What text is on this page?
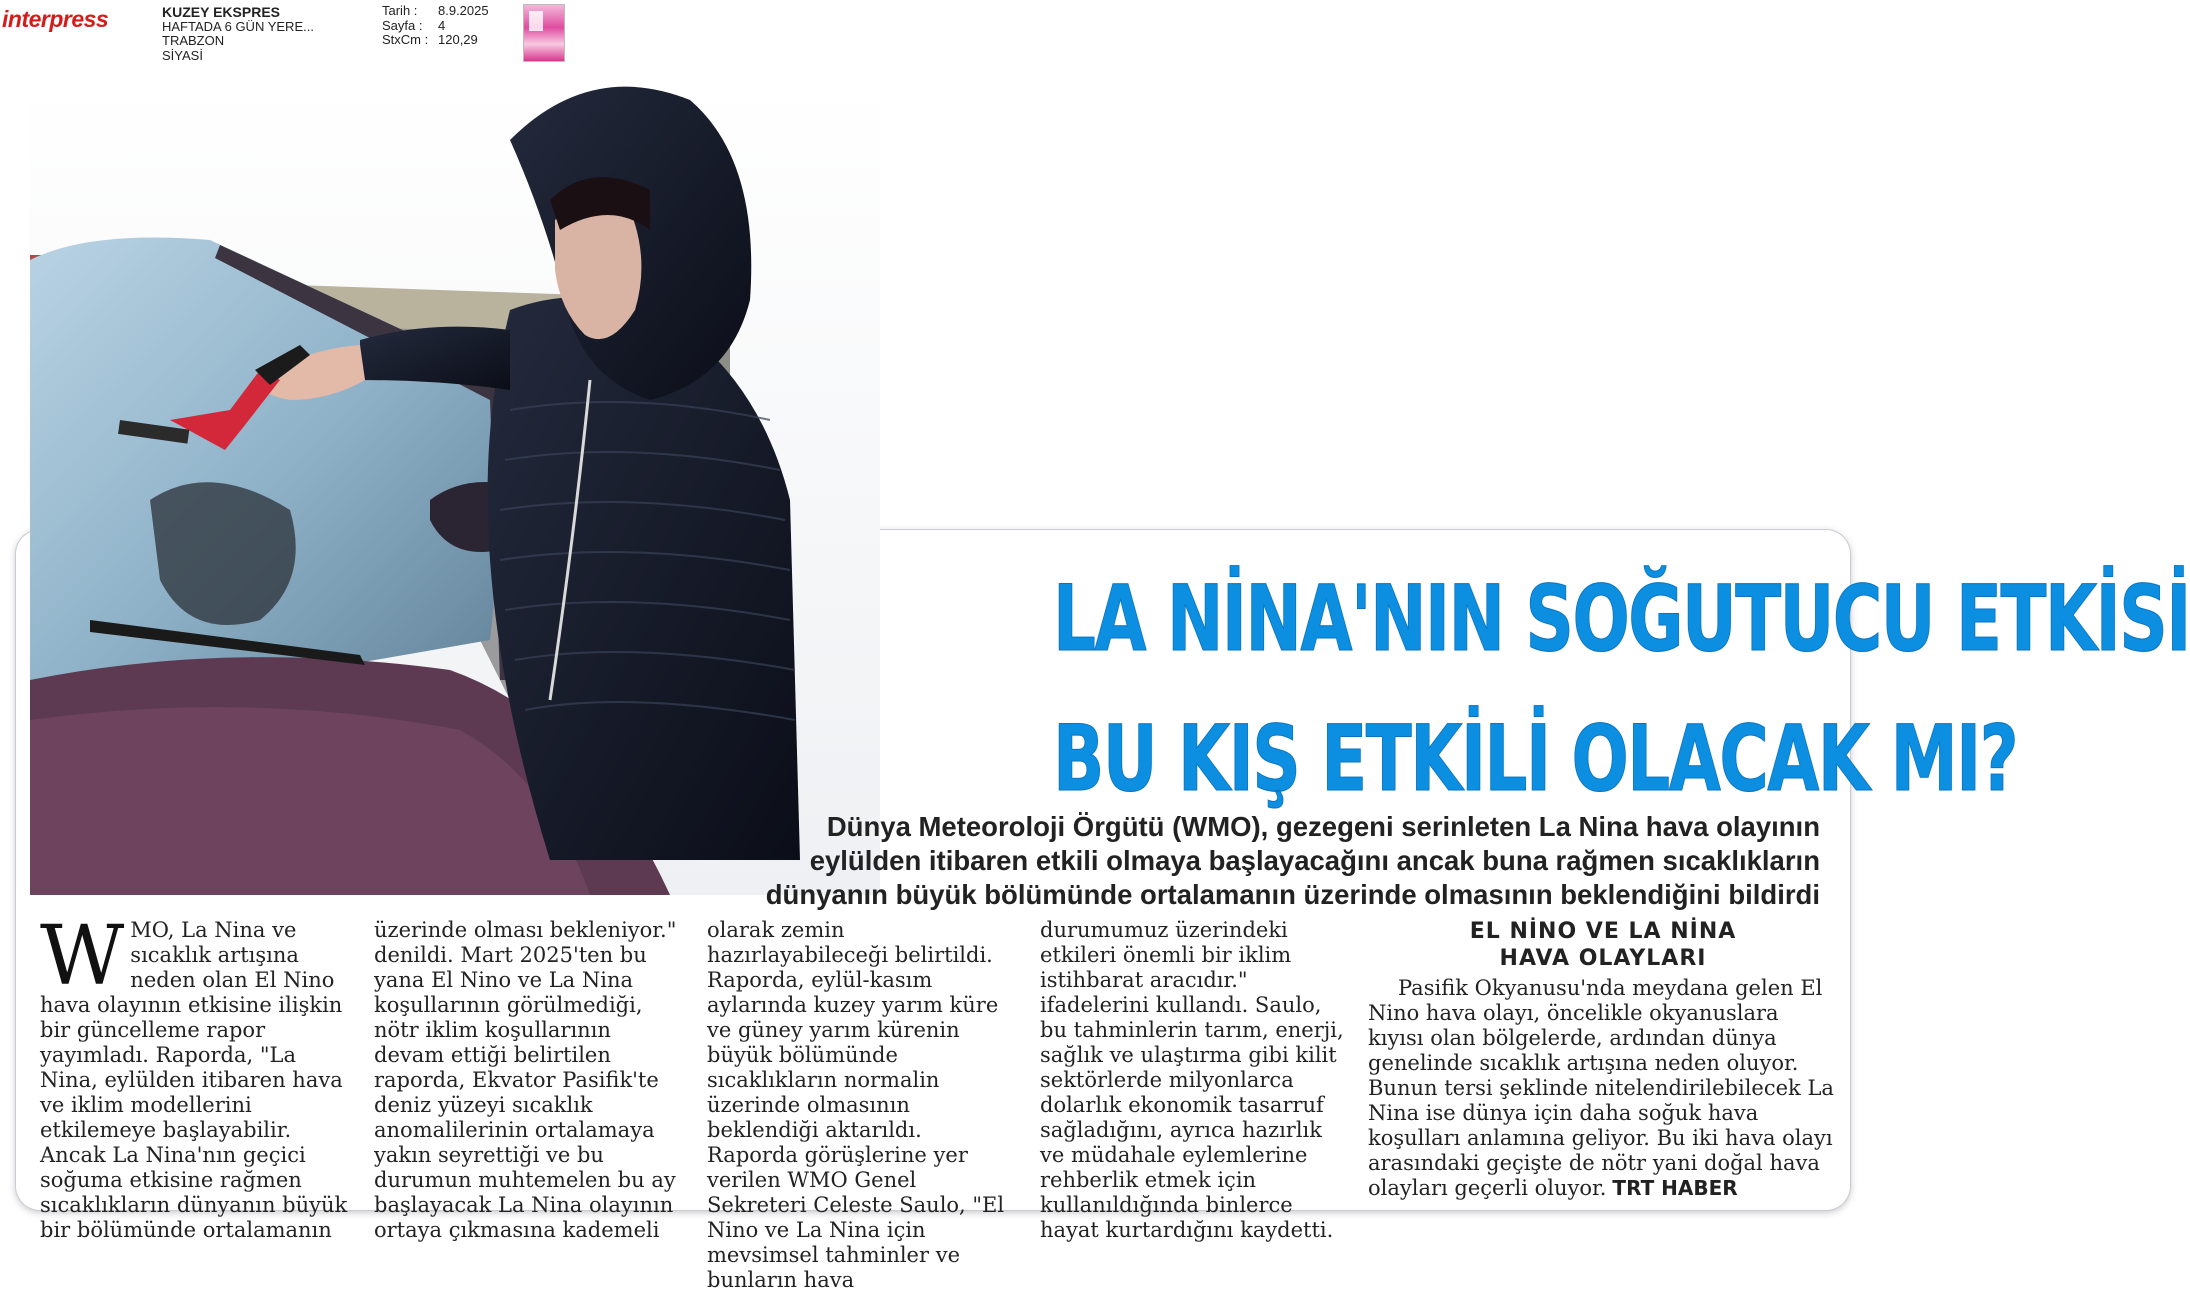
interpress	KUZEY EKSPRES
HAFTADA 6 GÜN YERE...
TRABZON
SİYASİ
Tarih :	8.9.2025
Sayfa :	4
StxCm : 120,29
LA NİNA'NIN SOĞUTUCU ETKİSİ
BU KIŞ ETKİLİ OLACAK MI?
Dünya Meteoroloji Örgütü (WMO), gezegeni serinleten La Nina hava olayının
eylülden itibaren etkili olmaya başlayacağını ancak buna rağmen sıcaklıkların
dünyanın büyük bölümünde ortalamanın üzerinde olmasının beklendiğini bildirdi
W MO, La Nina ve sıcaklık artışına neden olan El Nino hava olayının etkisine ilişkin bir güncelleme rapor yayımladı. Raporda, "La Nina, eylülden itibaren hava ve iklim modellerini etkilemeye başlayabilir. Ancak La Nina'nın geçici soğuma etkisine rağmen sıcaklıkların dünyanın büyük bir bölümünde ortalamanın
üzerinde olması bekleniyor." denildi. Mart 2025'ten bu yana El Nino ve La Nina koşullarının görülmediği, nötr iklim koşullarının devam ettiği belirtilen raporda, Ekvator Pasifik'te deniz yüzeyi sıcaklık anomalilerinin ortalamaya yakın seyrettiği ve bu durumun muhtemelen bu ay başlayacak La Nina olayının ortaya çıkmasına kademeli
olarak zemin hazırlayabileceği belirtildi. Raporda, eylül-kasım aylarında kuzey yarım küre ve güney yarım kürenin büyük bölümünde sıcaklıkların normalin üzerinde olmasının beklendiği aktarıldı. Raporda görüşlerine yer verilen WMO Genel Sekreteri Celeste Saulo, "El Nino ve La Nina için mevsimsel tahminler ve bunların hava
durumumuz üzerindeki etkileri önemli bir iklim istihbarat aracıdır." ifadelerini kullandı. Saulo, bu tahminlerin tarım, enerji, sağlık ve ulaştırma gibi kilit sektörlerde milyonlarca dolarlık ekonomik tasarruf sağladığını, ayrıca hazırlık ve müdahale eylemlerine rehberlik etmek için kullanıldığında binlerce hayat kurtardığını kaydetti.
EL NİNO VE LA NİNA
HAVA OLAYLARI
Pasifik Okyanusu'nda meydana gelen El Nino hava olayı, öncelikle okyanuslara kıyısı olan bölgelerde, ardından dünya genelinde sıcaklık artışına neden oluyor. Bunun tersi şeklinde nitelendirilebilecek La Nina ise dünya için daha soğuk hava koşulları anlamına geliyor. Bu iki hava olayı arasındaki geçişte de nötr yani doğal hava olayları geçerli oluyor. TRT HABER
